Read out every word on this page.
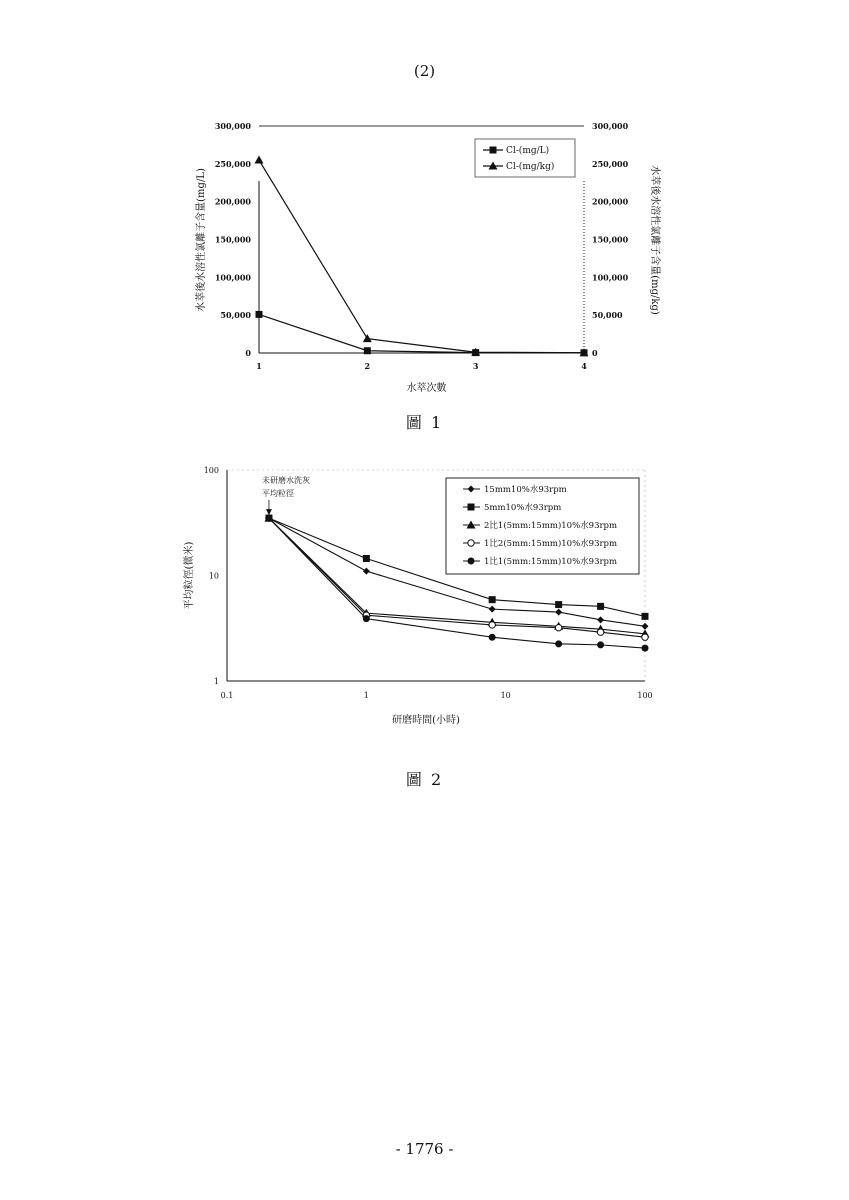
(2)
0	0
50,000	50,000
100,000	100,000
150,000	150,000
200,000	200,000
250,000	250,000
300,000	300,000
1	2	3	4
水萃次數
水萃後水溶性氯離子含量(mg/L)	水萃後水溶性氯離子含量(mg/kg)
Cl-(mg/L)
Cl-(mg/kg)
圖 1
1
10
100
0.1	1	10	100
研磨時間(小時)
平均粒徑(微米)
未研磨水洗灰
平均粒徑	15mm10%水93rpm
5mm10%水93rpm
2比1(5mm:15mm)10%水93rpm
1比2(5mm:15mm)10%水93rpm
1比1(5mm:15mm)10%水93rpm
圖 2
- 1776 -
